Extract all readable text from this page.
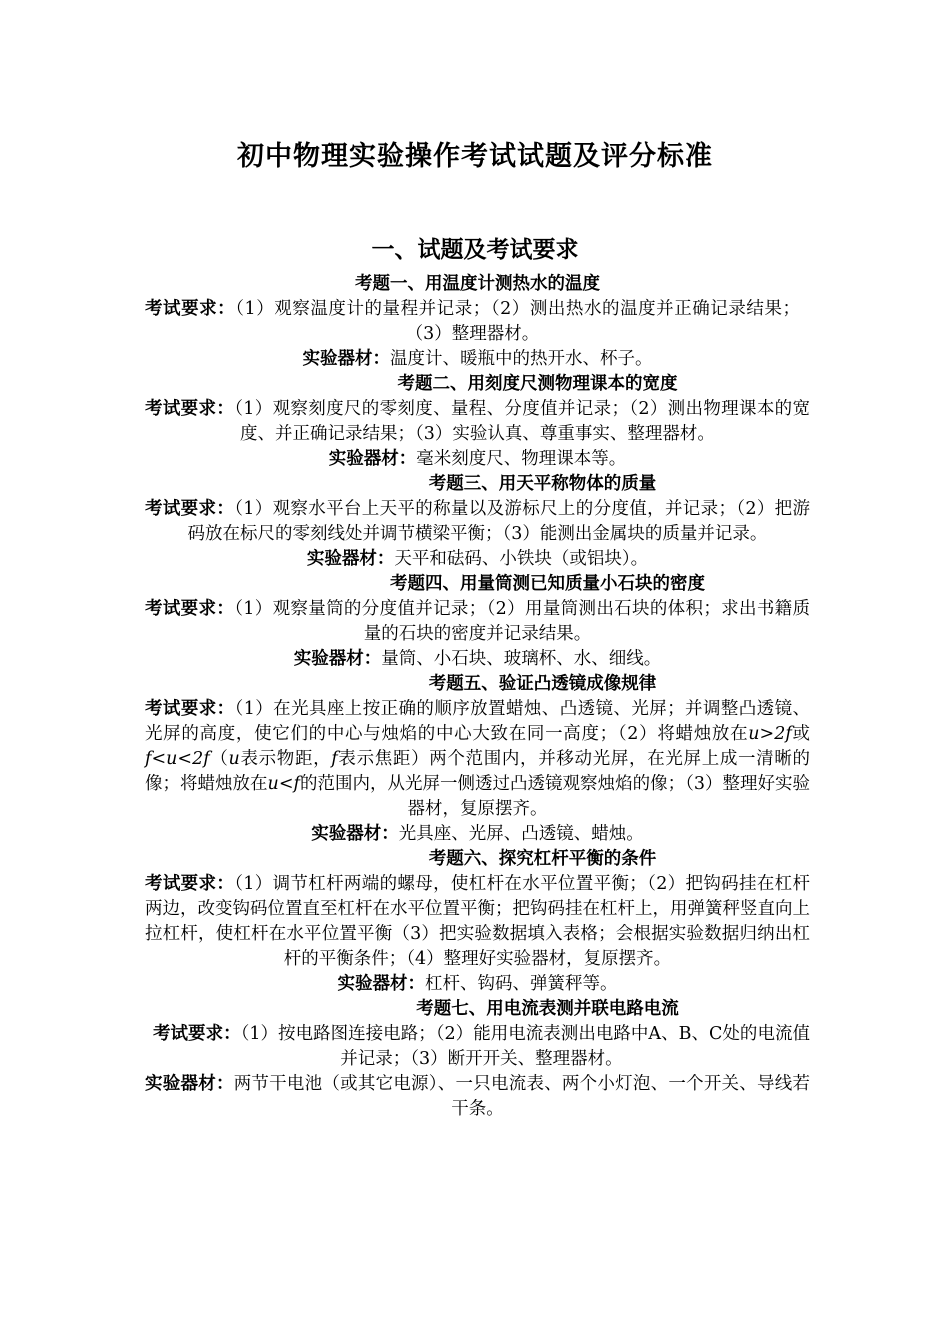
初中物理实验操作考试试题及评分标准
一、试题及考试要求
考题一、用温度计测热水的温度
考试要求：（1）观察温度计的量程并记录；（2）测出热水的温度并正确记录结果；（3）整理器材。
实验器材：温度计、暖瓶中的热开水、杯子。
考题二、用刻度尺测物理课本的宽度
考试要求：（1）观察刻度尺的零刻度、量程、分度值并记录；（2）测出物理课本的宽度、并正确记录结果；（3）实验认真、尊重事实、整理器材。
实验器材：毫米刻度尺、物理课本等。
考题三、用天平称物体的质量
考试要求：（1）观察水平台上天平的称量以及游标尺上的分度值，并记录；（2）把游码放在标尺的零刻线处并调节横梁平衡；（3）能测出金属块的质量并记录。
实验器材：天平和砝码、小铁块（或铝块）。
考题四、用量筒测已知质量小石块的密度
考试要求：（1）观察量筒的分度值并记录；（2）用量筒测出石块的体积；求出书籍质量的石块的密度并记录结果。
实验器材：量筒、小石块、玻璃杯、水、细线。
考题五、验证凸透镜成像规律
考试要求：（1）在光具座上按正确的顺序放置蜡烛、凸透镜、光屏；并调整凸透镜、光屏的高度，使它们的中心与烛焰的中心大致在同一高度；（2）将蜡烛放在u>2f或f<u<2f（u表示物距，f表示焦距）两个范围内，并移动光屏，在光屏上成一清晰的像；将蜡烛放在u<f的范围内，从光屏一侧透过凸透镜观察烛焰的像；（3）整理好实验器材，复原摆齐。
实验器材：光具座、光屏、凸透镜、蜡烛。
考题六、探究杠杆平衡的条件
考试要求：（1）调节杠杆两端的螺母，使杠杆在水平位置平衡；（2）把钩码挂在杠杆两边，改变钩码位置直至杠杆在水平位置平衡；把钩码挂在杠杆上，用弹簧秤竖直向上拉杠杆，使杠杆在水平位置平衡（3）把实验数据填入表格；会根据实验数据归纳出杠杆的平衡条件；（4）整理好实验器材，复原摆齐。
实验器材：杠杆、钩码、弹簧秤等。
考题七、用电流表测并联电路电流
考试要求：（1）按电路图连接电路；（2）能用电流表测出电路中A、B、C处的电流值并记录；（3）断开开关、整理器材。
实验器材：两节干电池（或其它电源）、一只电流表、两个小灯泡、一个开关、导线若干条。
